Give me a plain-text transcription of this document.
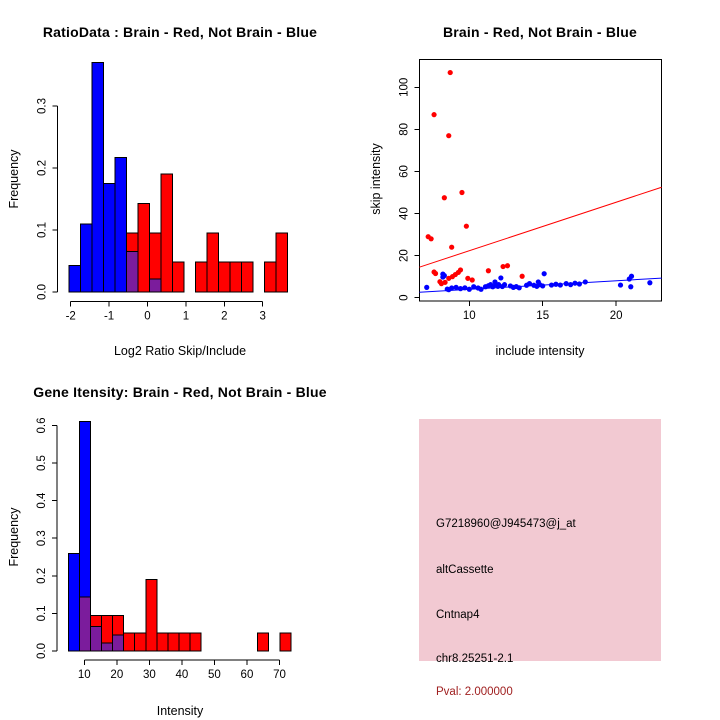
RatioData : Brain - Red, Not Brain - Blue
Frequency
Log2 Ratio Skip/Include
0.0
0.1
0.2
0.3
-2 -1	0	1	2	3
Brain - Red, Not Brain - Blue
skip intensity
include intensity
10	15	20
0
20
40
60
80
100
Gene Itensity: Brain - Red, Not Brain - Blue
Frequency
Intensity
0.0
0.1
0.2
0.3
0.4
0.5
0.6
10 20 30 40 50 60 70
G7218960@J945473@j_at
altCassette
Cntnap4
chr8.25251-2.1
Pval: 2.000000
